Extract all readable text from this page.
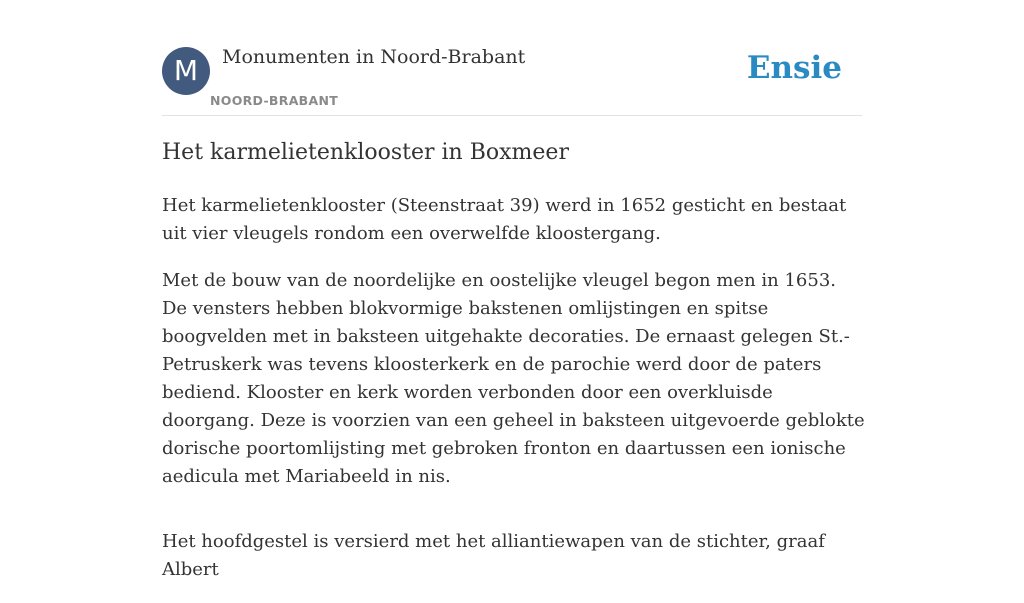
M	Monumenten in Noord-Brabant
NOORD-BRABANT
Ensie
Het karmelietenklooster in Boxmeer

Het karmelietenklooster (Steenstraat 39) werd in 1652 gesticht en bestaat uit vier vleugels rondom een overwelfde kloostergang.

Met de bouw van de noordelijke en oostelijke vleugel begon men in 1653. De vensters hebben blokvormige bakstenen omlijstingen en spitse boogvelden met in baksteen uitgehakte decoraties. De ernaast gelegen St.-Petruskerk was tevens kloosterkerk en de parochie werd door de paters bediend. Klooster en kerk worden verbonden door een overkluisde doorgang. Deze is voorzien van een geheel in baksteen uitgevoerde geblokte dorische poortomlijsting met gebroken fronton en daartussen een ionische aedicula met Mariabeeld in nis.

Het hoofdgestel is versierd met het alliantiewapen van de stichter, graaf Albert
